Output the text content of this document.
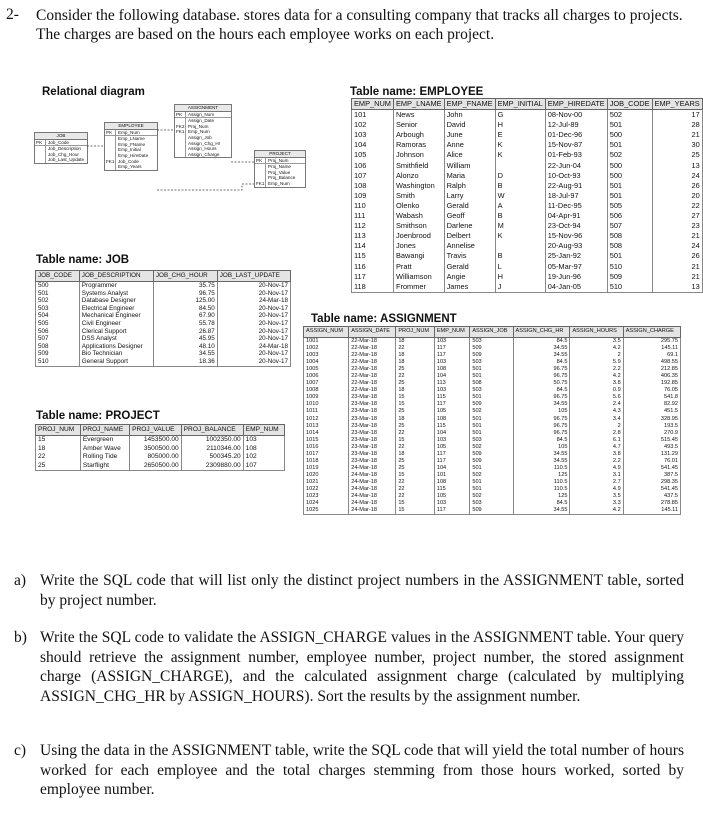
2- Consider the following database. stores data for a consulting company that tracks all charges to projects. The charges are based on the hours each employee works on each project.
Relational diagram
JOB
PK	Job_Code
Job_Description
Job_Chg_Hour
Job_Last_Update
EMPLOYEE
PK	Emp_Num
Emp_LName
Emp_FName
Emp_Initial
Emp_HireDate
FK1 Job_Code
Emp_Years
ASSIGNMENT
PK	Assign_Num
Assign_Date
FK2 Proj_Num
FK1 Emp_Num
Assign_Job
Assign_Chg_Hr
Assign_Hours
Assign_Charge	PROJECT
PK	Proj_Num
Proj_Name
Proj_Value
Proj_Balance
FK1 Emp_Num
Table name: EMPLOYEE
EMP_NUM	EMP_LNAME	EMP_FNAME	EMP_INITIAL	EMP_HIREDATE	JOB_CODE	EMP_YEARS
101	News	John	G	08-Nov-00	502	17
102	Senior	David	H	12-Jul-89	501	28
103	Arbough	June	E	01-Dec-96	500	21
104	Ramoras	Anne	K	15-Nov-87	501	30
105	Johnson	Alice	K	01-Feb-93	502	25
106	Smithfield	William		22-Jun-04	500	13
107	Alonzo	Maria	D	10-Oct-93	500	24
108	Washington	Ralph	B	22-Aug-91	501	26
109	Smith	Larry	W	18-Jul-97	501	20
110	Olenko	Gerald	A	11-Dec-95	505	22
111	Wabash	Geoff	B	04-Apr-91	506	27
112	Smithson	Darlene	M	23-Oct-94	507	23
113	Joenbrood	Delbert	K	15-Nov-96	508	21
114	Jones	Annelise		20-Aug-93	508	24
115	Bawangi	Travis	B	25-Jan-92	501	26
116	Pratt	Gerald	L	05-Mar-97	510	21
117	Williamson	Angie	H	19-Jun-96	509	21
118	Frommer	James	J	04-Jan-05	510	13
Table name: JOB
JOB_CODE	JOB_DESCRIPTION	JOB_CHG_HOUR	JOB_LAST_UPDATE
500	Programmer	35.75	20-Nov-17
501	Systems Analyst	96.75	20-Nov-17
502	Database Designer	125.00	24-Mar-18
503	Electrical Engineer	84.50	20-Nov-17
504	Mechanical Engineer	67.90	20-Nov-17
505	Civil Engineer	55.78	20-Nov-17
506	Clerical Support	26.87	20-Nov-17
507	DSS Analyst	45.95	20-Nov-17
508	Applications Designer	48.10	24-Mar-18
509	Bio Technician	34.55	20-Nov-17
510	General Support	18.36	20-Nov-17
Table name: PROJECT
PROJ_NUM	PROJ_NAME	PROJ_VALUE	PROJ_BALANCE	EMP_NUM
15	Evergreen	1453500.00	1002350.00	103
18	Amber Wave	3500500.00	2110346.00	108
22	Rolling Tide	805000.00	500345.20	102
25	Starflight	2650500.00	2309880.00	107
Table name: ASSIGNMENT
ASSIGN_NUM	ASSIGN_DATE	PROJ_NUM	EMP_NUM	ASSIGN_JOB	ASSIGN_CHG_HR	ASSIGN_HOURS	ASSIGN_CHARGE
1001	22-Mar-18	18	103	503	84.5	3.5	295.75
1002	22-Mar-18	22	117	509	34.55	4.2	145.11
1003	22-Mar-18	18	117	509	34.55	2	69.1
1004	22-Mar-18	18	103	503	84.5	5.9	498.55
1005	22-Mar-18	25	108	501	96.75	2.2	212.85
1006	22-Mar-18	22	104	501	96.75	4.2	406.35
1007	22-Mar-18	25	113	508	50.75	3.8	192.85
1008	22-Mar-18	18	103	503	84.5	0.9	76.05
1009	23-Mar-18	15	115	501	96.75	5.6	541.8
1010	23-Mar-18	15	117	509	34.55	2.4	82.92
1011	23-Mar-18	25	105	502	105	4.3	451.5
1012	23-Mar-18	18	108	501	96.75	3.4	328.95
1013	23-Mar-18	25	115	501	96.75	2	193.5
1014	23-Mar-18	22	104	501	96.75	2.8	270.9
1015	23-Mar-18	15	103	503	84.5	6.1	515.45
1016	23-Mar-18	22	105	502	105	4.7	493.5
1017	23-Mar-18	18	117	509	34.55	3.8	131.29
1018	23-Mar-18	25	117	509	34.55	2.2	76.01
1019	24-Mar-18	25	104	501	110.5	4.9	541.45
1020	24-Mar-18	15	101	502	125	3.1	387.5
1021	24-Mar-18	22	108	501	110.5	2.7	298.35
1022	24-Mar-18	22	115	501	110.5	4.9	541.45
1023	24-Mar-18	22	105	502	125	3.5	437.5
1024	24-Mar-18	15	103	503	84.5	3.3	278.85
1025	24-Mar-18	15	117	509	34.55	4.2	145.11
a) Write the SQL code that will list only the distinct project numbers in the ASSIGNMENT table, sorted by project number.
b) Write the SQL code to validate the ASSIGN_CHARGE values in the ASSIGNMENT table. Your query should retrieve the assignment number, employee number, project number, the stored assignment charge (ASSIGN_CHARGE), and the calculated assignment charge (calculated by multiplying ASSIGN_CHG_HR by ASSIGN_HOURS). Sort the results by the assignment number.
c) Using the data in the ASSIGNMENT table, write the SQL code that will yield the total number of hours worked for each employee and the total charges stemming from those hours worked, sorted by employee number.
